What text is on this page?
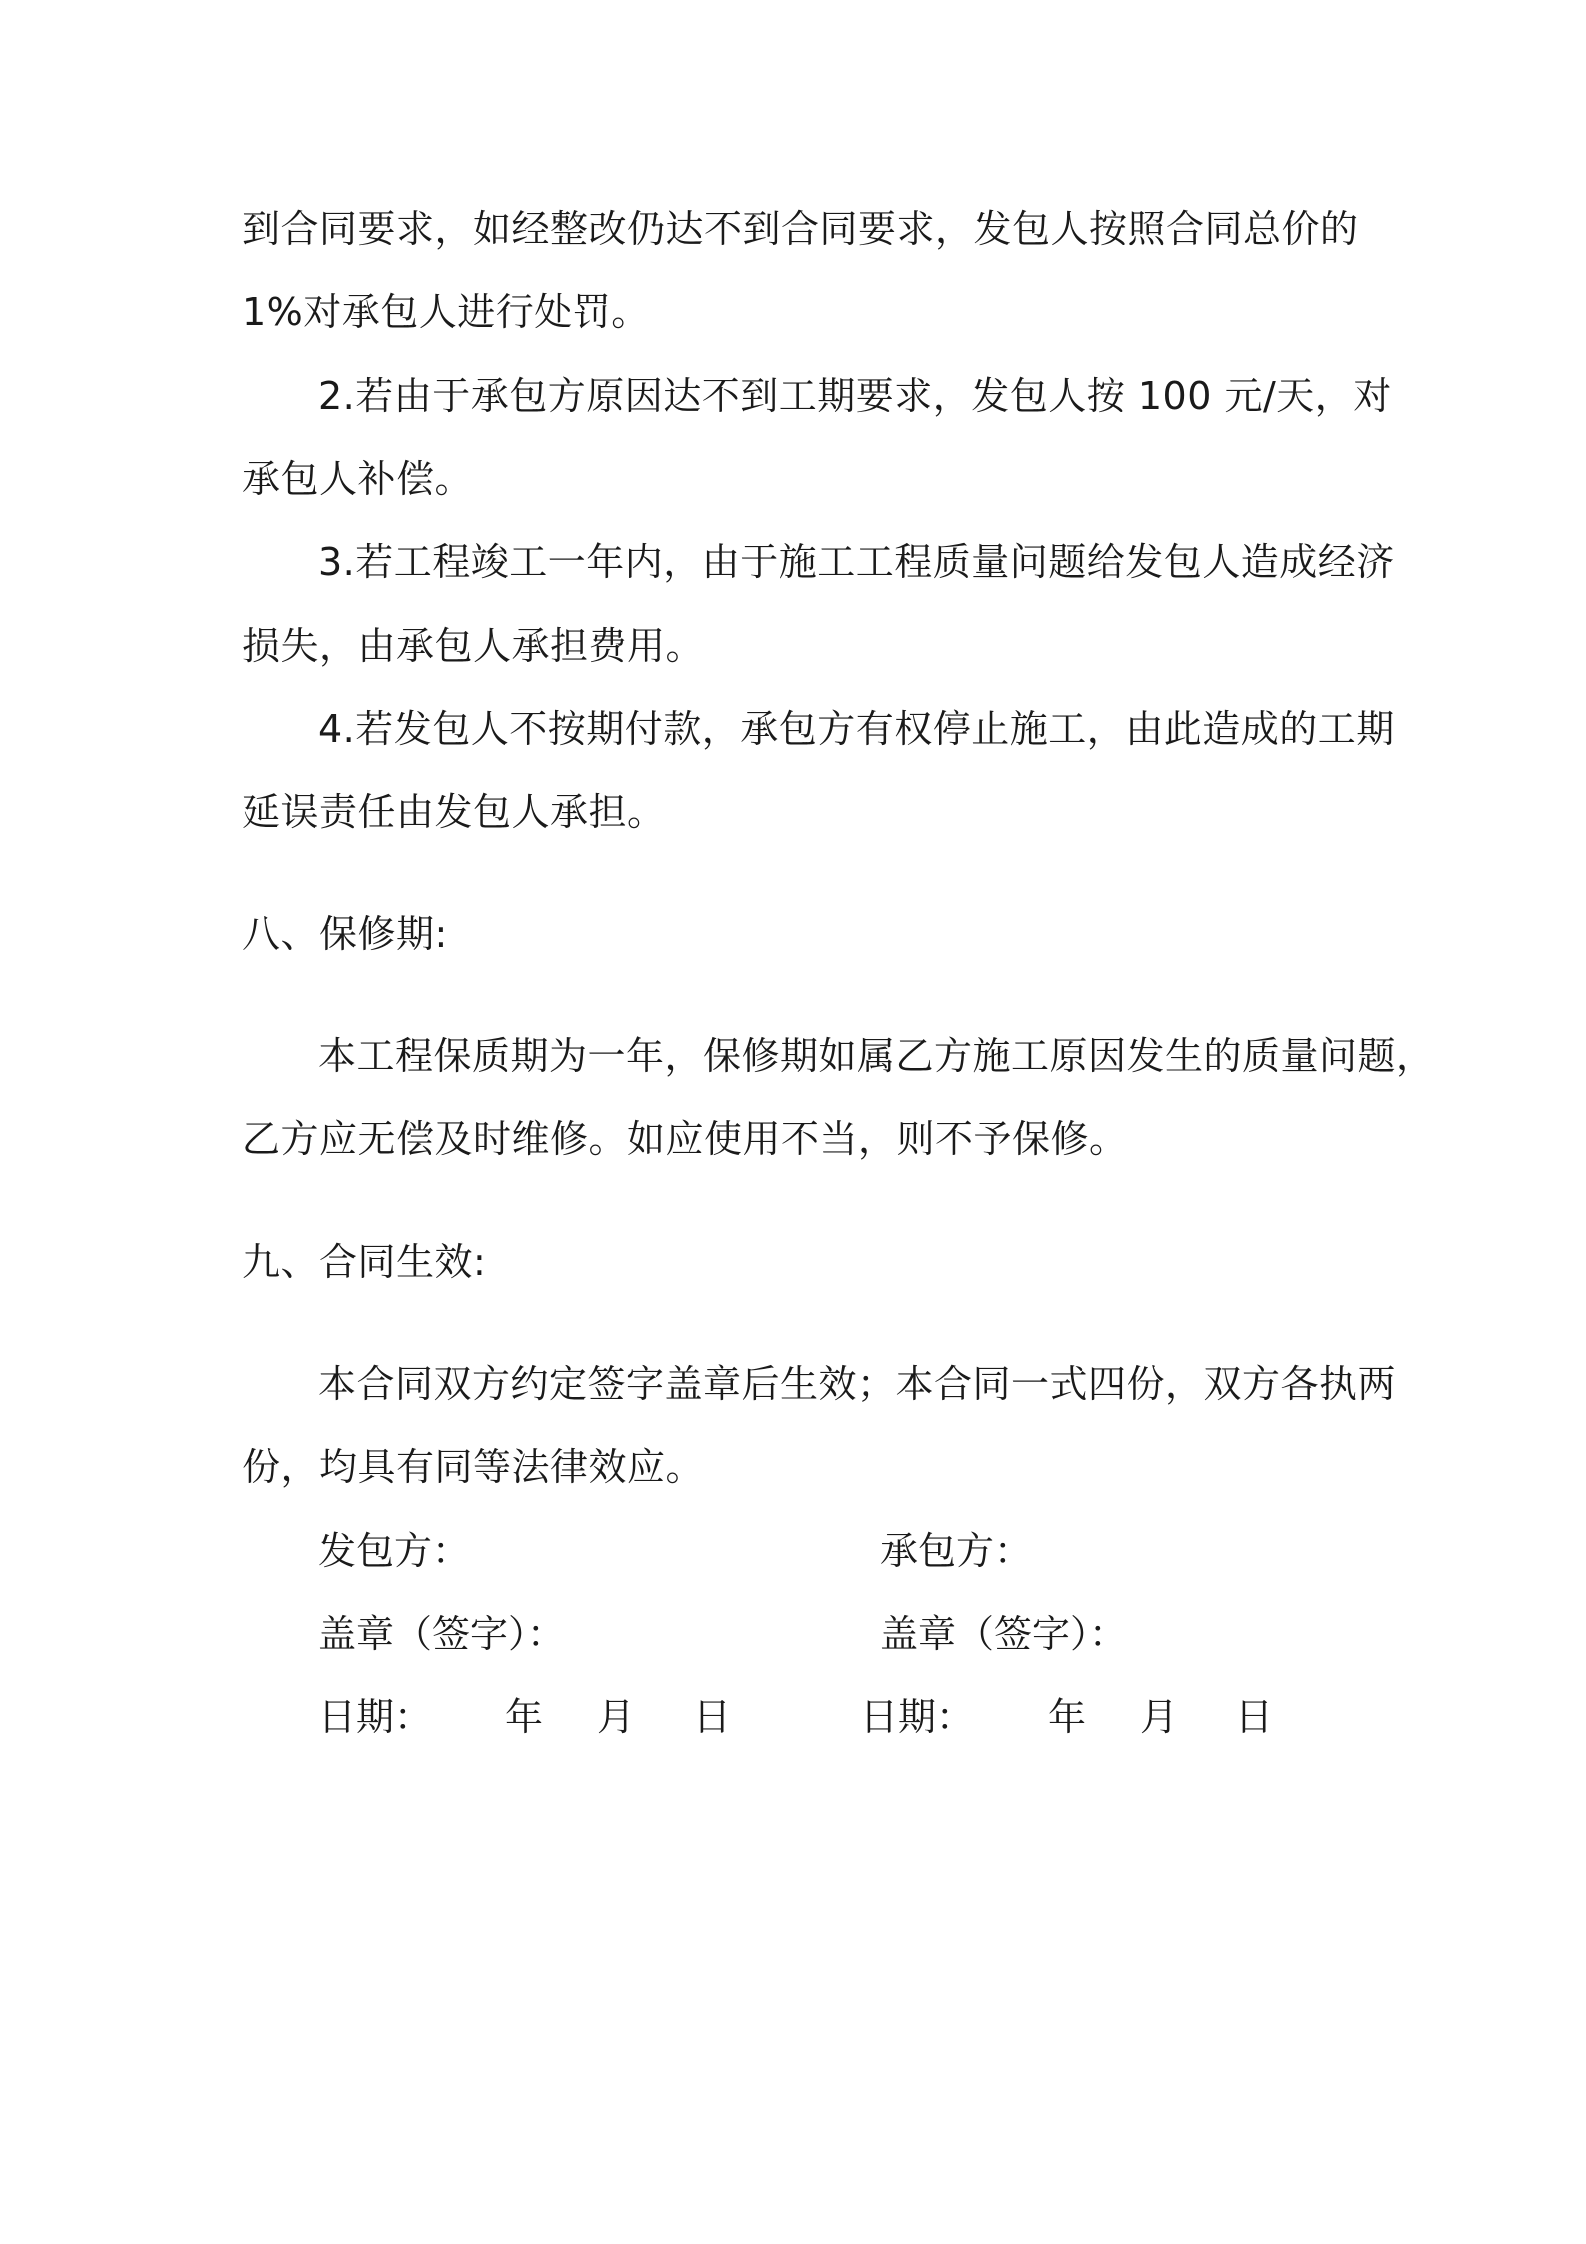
到合同要求，如经整改仍达不到合同要求，发包人按照合同总价的
1%对承包人进行处罚。
2.若由于承包方原因达不到工期要求，发包人按 100 元/天，对
承包人补偿。
3.若工程竣工一年内，由于施工工程质量问题给发包人造成经济
损失，由承包人承担费用。
4.若发包人不按期付款，承包方有权停止施工，由此造成的工期
延误责任由发包人承担。
八、保修期:
本工程保质期为一年，保修期如属乙方施工原因发生的质量问题，
乙方应无偿及时维修。如应使用不当，则不予保修。
九、合同生效:
本合同双方约定签字盖章后生效；本合同一式四份，双方各执两
份，均具有同等法律效应。
发包方：	承包方：
盖章（签字）：	盖章（签字）：
日期： 年 月 日	日期： 年 月 日
